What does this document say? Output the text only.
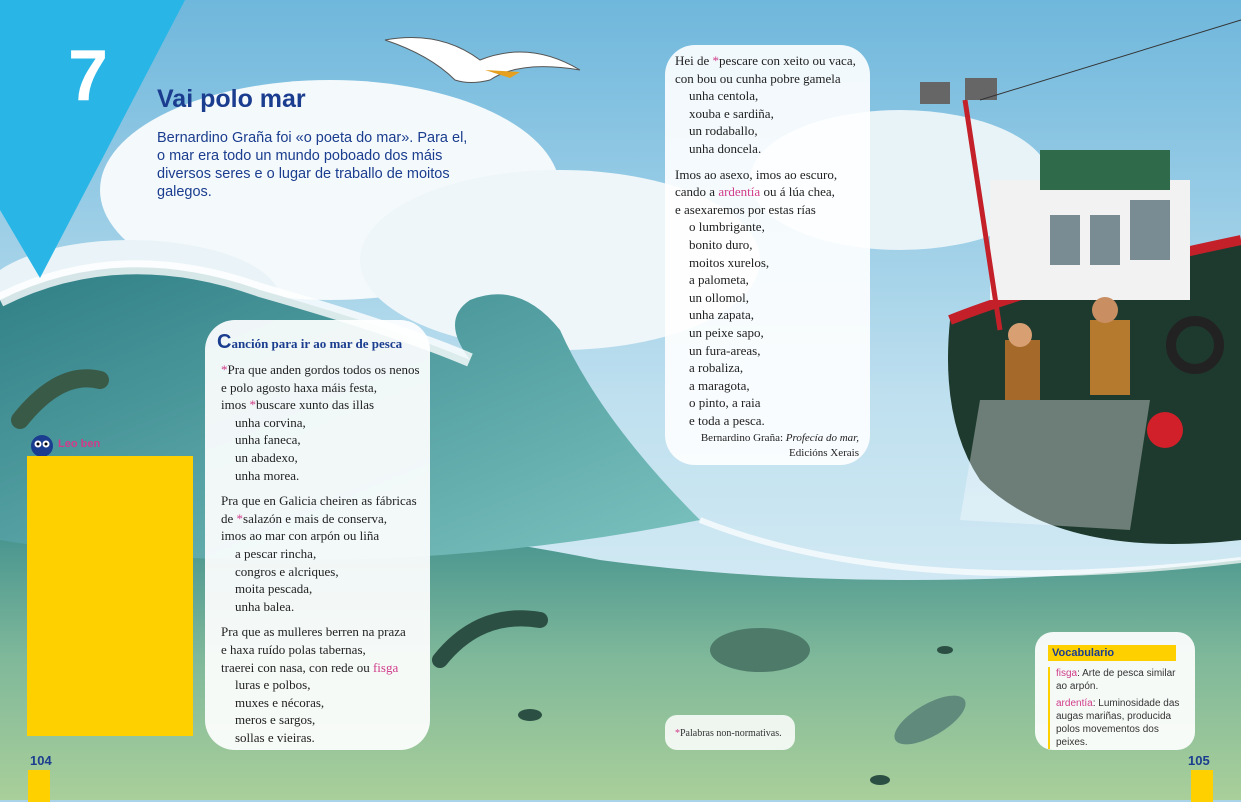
7 Vai polo mar
Bernardino Graña foi «o poeta do mar». Para el, o mar era todo un mundo poboado dos máis diversos seres e o lugar de traballo de moitos galegos.
Canción para ir ao mar de pesca
*Pra que anden gordos todos os nenos
e polo agosto haxa máis festa,
imos *buscare xunto das illas
unha corvina,
unha faneca,
un abadexo,
unha morea.
Pra que en Galicia cheiren as fábricas
de *salazón e mais de conserva,
imos ao mar con arpón ou liña
a pescar rincha,
congros e alcriques,
moita pescada,
unha balea.
Pra que as mulleres berren na praza
e haxa ruído polas tabernas,
traerei con nasa, con rede ou fisga
luras e polbos,
muxes e nécoras,
meros e sargos,
sollas e vieiras.
Hei de *pescare con xeito ou vaca,
con bou ou cunha pobre gamela
unha centola,
xouba e sardiña,
un rodaballo,
unha doncela.
Imos ao asexo, imos ao escuro,
cando a ardentía ou á lúa chea,
e asexaremos por estas rías
o lumbrigante,
bonito duro,
moitos xurelos,
a palometa,
un ollomol,
unha zapata,
un peixe sapo,
un fura-areas,
a robaliza,
a maragota,
o pinto, a raia
e toda a pesca.
Bernardino Graña: Profecía do mar,
Edicións Xerais
*Palabras non-normativas.
Leo ben
Vocabulario

fisga: Arte de pesca similar ao arpón.

ardentía: Luminosidade das augas mariñas, producida polos movementos dos peixes.

104	105
